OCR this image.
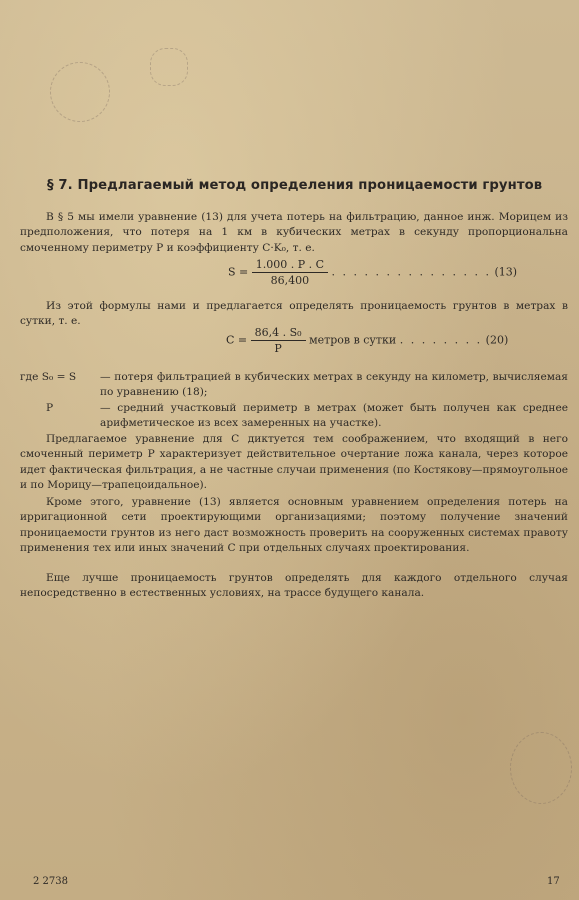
§ 7. Предлагаемый метод определения проницаемости грунтов

В § 5 мы имели уравнение (13) для учета потерь на фильтрацию, данное инж. Морицем из предположения, что потеря на 1 км в кубических метрах в секунду пропорциональна смоченному периметру P и коэффициенту C·K₀, т. е.

$S = \frac{1.000 . P . C}{86,400}$ . . . . . . . . . . . . . . . (13)

Из этой формулы нами и предлагается определять проницаемость грунтов в метрах в сутки, т. е.

$C = \frac{\text{86,4 . S₀}}{P}$ метров в сутки . . . . . . . . (20)
где S₀ = S	— потеря фильтрацией в кубических метрах в секунду на километр, вычисляемая по уравнению (18);
P	— средний участковый периметр в метрах (может быть получен как среднее арифметическое из всех замеренных на участке).

Предлагаемое уравнение для C диктуется тем соображением, что входящий в него смоченный периметр P характеризует действительное очертание ложа канала, через которое идет фактическая фильтрация, а не частные случаи применения (по Костякову—прямоугольное и по Морицу—трапецоидальное).

Кроме этого, уравнение (13) является основным уравнением определения потерь на ирригационной сети проектирующими организациями; поэтому получение значений проницаемости грунтов из него даст возможность проверить на сооруженных системах правоту применения тех или иных значений C при отдельных случаях проектирования.

Еще лучше проницаемость грунтов определять для каждого отдельного случая непосредственно в естественных условиях, на трассе будущего канала.

2 2738	17
